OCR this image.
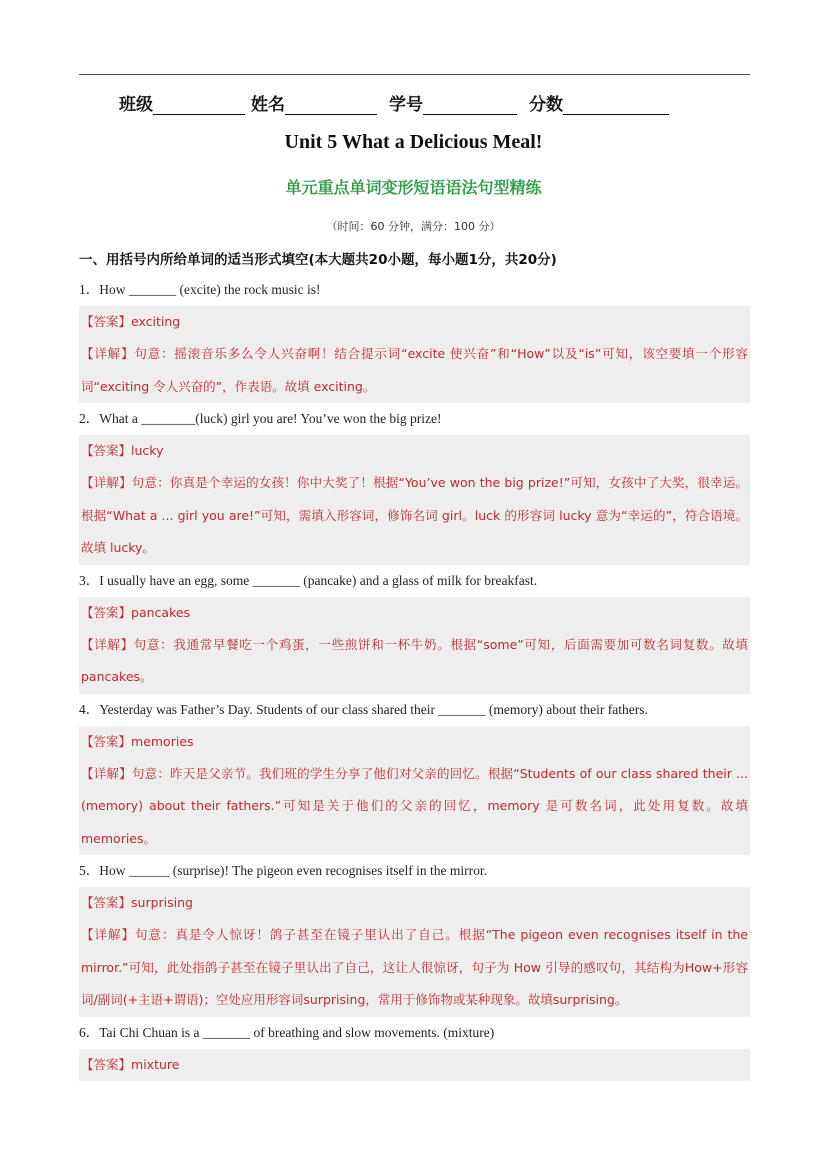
班级	姓名	学号	分数
Unit 5 What a Delicious Meal!
单元重点单词变形短语语法句型精练
（时间：60 分钟，满分：100 分）
一、用括号内所给单词的适当形式填空(本大题共20小题，每小题1分，共20分)
1．How _______ (excite) the rock music is!
【答案】exciting
【详解】句意：摇滚音乐多么令人兴奋啊！结合提示词“excite 使兴奋”和“How”以及“is”可知，该空要填一个形容词“exciting 令人兴奋的”，作表语。故填 exciting。
2．What a ________(luck) girl you are! You’ve won the big prize!
【答案】lucky
【详解】句意：你真是个幸运的女孩！你中大奖了！根据“You’ve won the big prize!”可知，女孩中了大奖，很幸运。根据“What a ... girl you are!”可知，需填入形容词，修饰名词 girl。luck 的形容词 lucky 意为“幸运的”，符合语境。故填 lucky。
3．I usually have an egg, some _______ (pancake) and a glass of milk for breakfast.
【答案】pancakes
【详解】句意：我通常早餐吃一个鸡蛋，一些煎饼和一杯牛奶。根据“some”可知，后面需要加可数名词复数。故填 pancakes。
4．Yesterday was Father’s Day. Students of our class shared their _______ (memory) about their fathers.
【答案】memories
【详解】句意：昨天是父亲节。我们班的学生分享了他们对父亲的回忆。根据“Students of our class shared their ... (memory) about their fathers.”可知是关于他们的父亲的回忆，memory 是可数名词，此处用复数。故填 memories。
5．How ______ (surprise)! The pigeon even recognises itself in the mirror.
【答案】surprising
【详解】句意：真是令人惊讶！鸽子甚至在镜子里认出了自己。根据“The pigeon even recognises itself in the mirror.”可知，此处指鸽子甚至在镜子里认出了自己，这让人很惊讶，句子为 How 引导的感叹句，其结构为How+形容词/副词(+主语+谓语)；空处应用形容词surprising，常用于修饰物或某种现象。故填surprising。
6．Tai Chi Chuan is a _______ of breathing and slow movements. (mixture)
【答案】mixture
